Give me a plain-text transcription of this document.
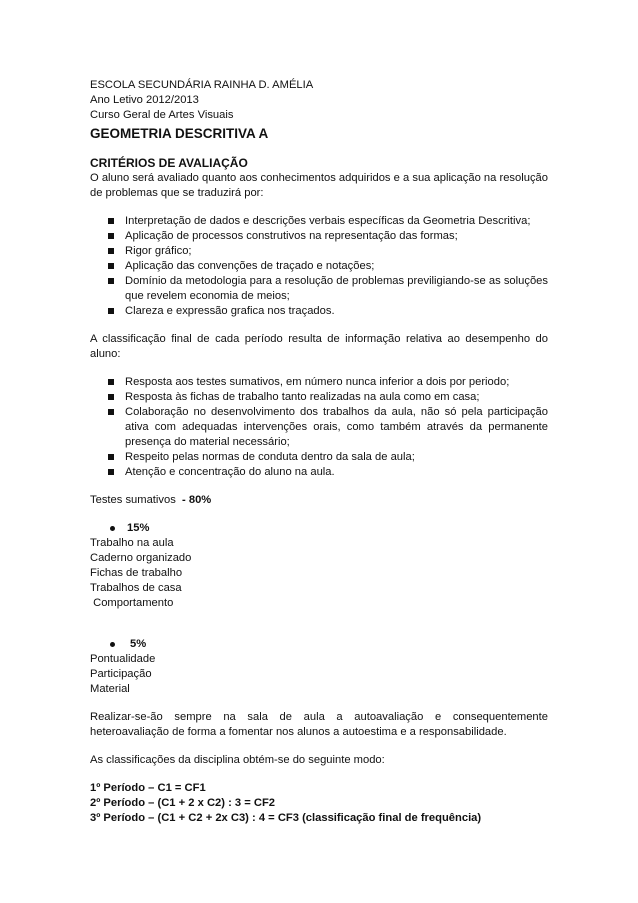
ESCOLA SECUNDÁRIA RAINHA D. AMÉLIA
Ano Letivo 2012/2013
Curso Geral de Artes Visuais
GEOMETRIA DESCRITIVA A
CRITÉRIOS DE AVALIAÇÃO
O aluno será avaliado quanto aos conhecimentos adquiridos e a sua aplicação na resolução de problemas que se traduzirá por:
Interpretação de dados e descrições verbais específicas da Geometria Descritiva;
Aplicação de processos construtivos na representação das formas;
Rigor gráfico;
Aplicação das convenções de traçado e notações;
Domínio da metodologia para a resolução de problemas previligiando-se as soluções que revelem economia de meios;
Clareza e expressão grafica nos traçados.
A classificação final de cada período resulta de informação relativa ao desempenho do aluno:
Resposta aos testes sumativos, em número nunca inferior a dois por periodo;
Resposta às fichas de trabalho tanto realizadas na aula como em casa;
Colaboração no desenvolvimento dos trabalhos da aula, não só pela participação ativa com adequadas intervenções orais, como também através da permanente presença do material necessário;
Respeito pelas normas de conduta dentro da sala de aula;
Atenção e concentração do aluno na aula.
Testes sumativos - 80%
15%
Trabalho na aula
Caderno organizado
Fichas de trabalho
Trabalhos de casa
Comportamento
5%
Pontualidade
Participação
Material
Realizar-se-ão sempre na sala de aula a autoavaliação e consequentemente heteroavaliação de forma a fomentar nos alunos a autoestima e a responsabilidade.
As classificações da disciplina obtém-se do seguinte modo:
1º Período – C1 = CF1
2º Período – (C1 + 2 x C2) : 3 = CF2
3º Período – (C1 + C2 + 2x C3) : 4 = CF3 (classificação final de frequência)
